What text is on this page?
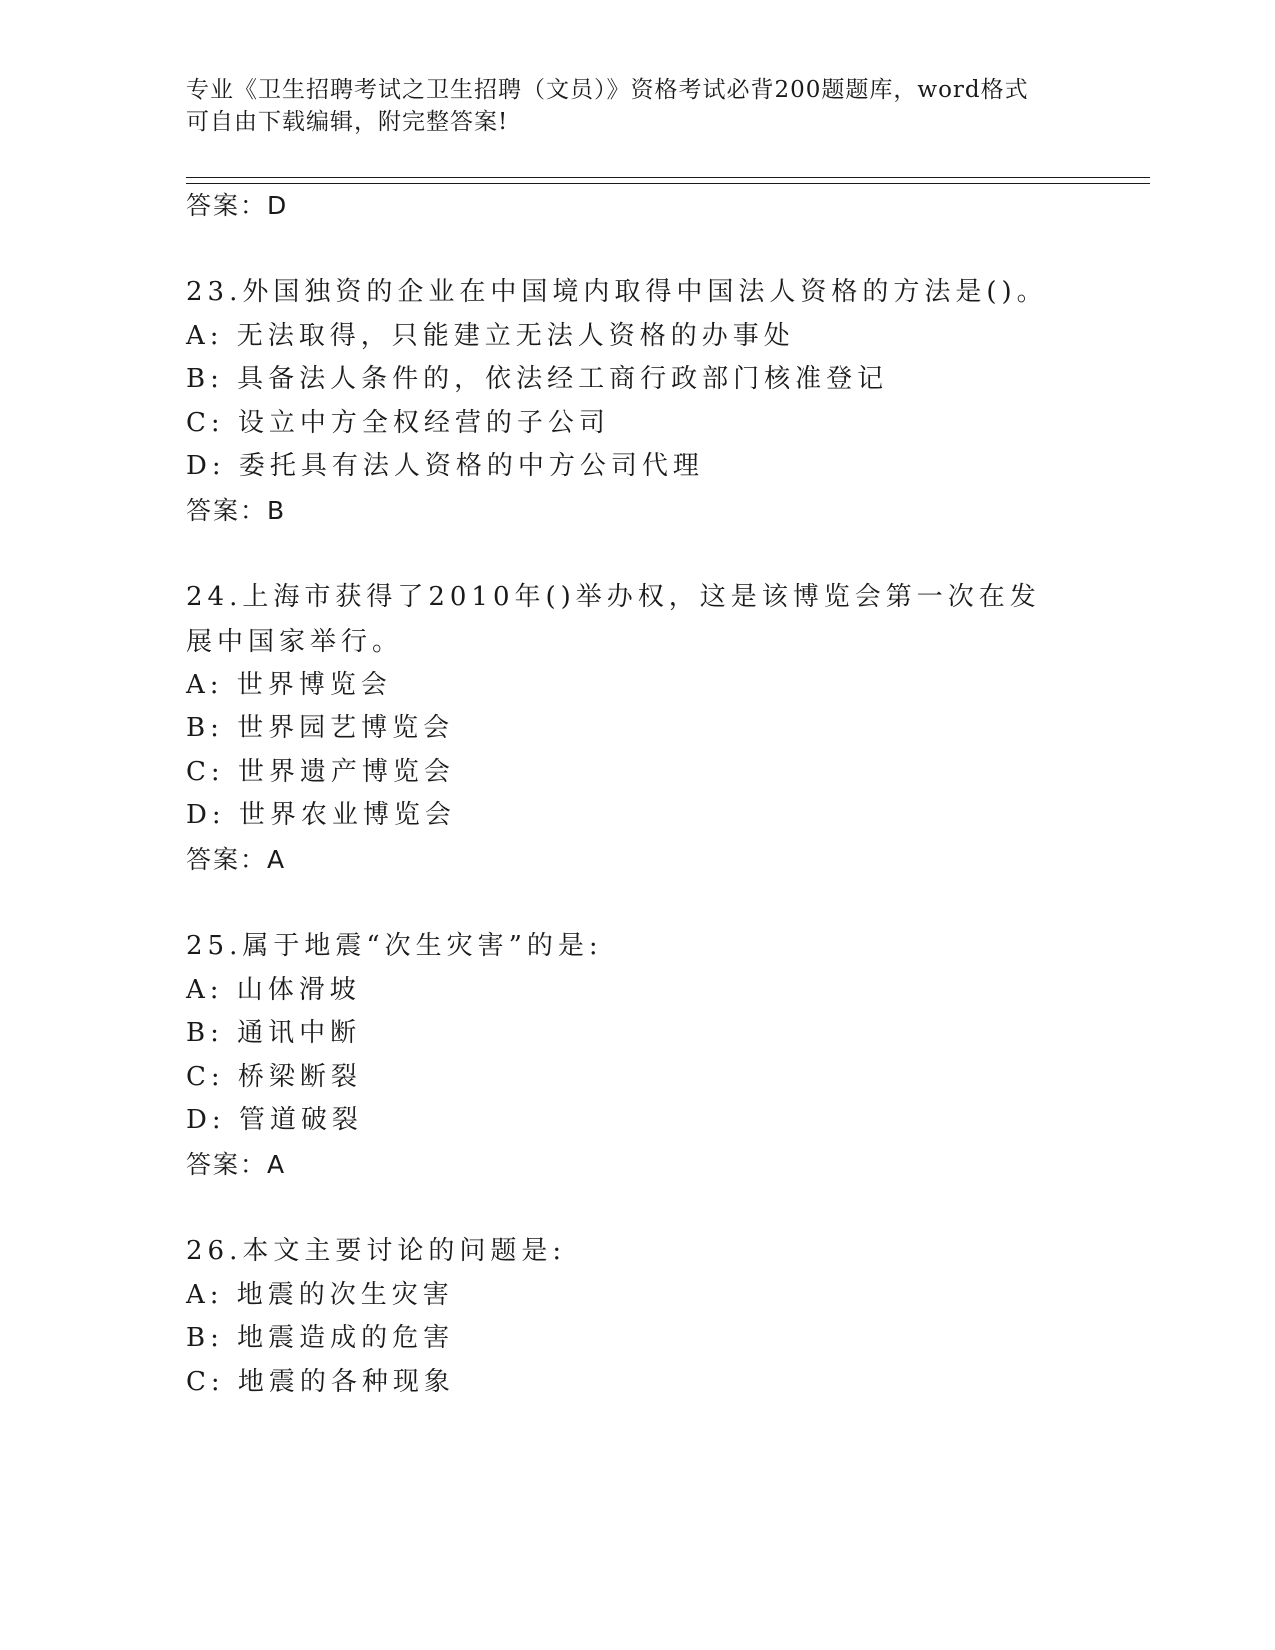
专业《卫生招聘考试之卫生招聘（文员）》资格考试必背200题题库，word格式
可自由下载编辑，附完整答案!
答案：D
23.外国独资的企业在中国境内取得中国法人资格的方法是()。
A: 无法取得，只能建立无法人资格的办事处
B: 具备法人条件的，依法经工商行政部门核准登记
C: 设立中方全权经营的子公司
D: 委托具有法人资格的中方公司代理
答案：B
24.上海市获得了2010年()举办权，这是该博览会第一次在发展中国家举行。
A: 世界博览会
B: 世界园艺博览会
C: 世界遗产博览会
D: 世界农业博览会
答案：A
25.属于地震“次生灾害”的是:
A: 山体滑坡
B: 通讯中断
C: 桥梁断裂
D: 管道破裂
答案：A
26.本文主要讨论的问题是:
A: 地震的次生灾害
B: 地震造成的危害
C: 地震的各种现象
